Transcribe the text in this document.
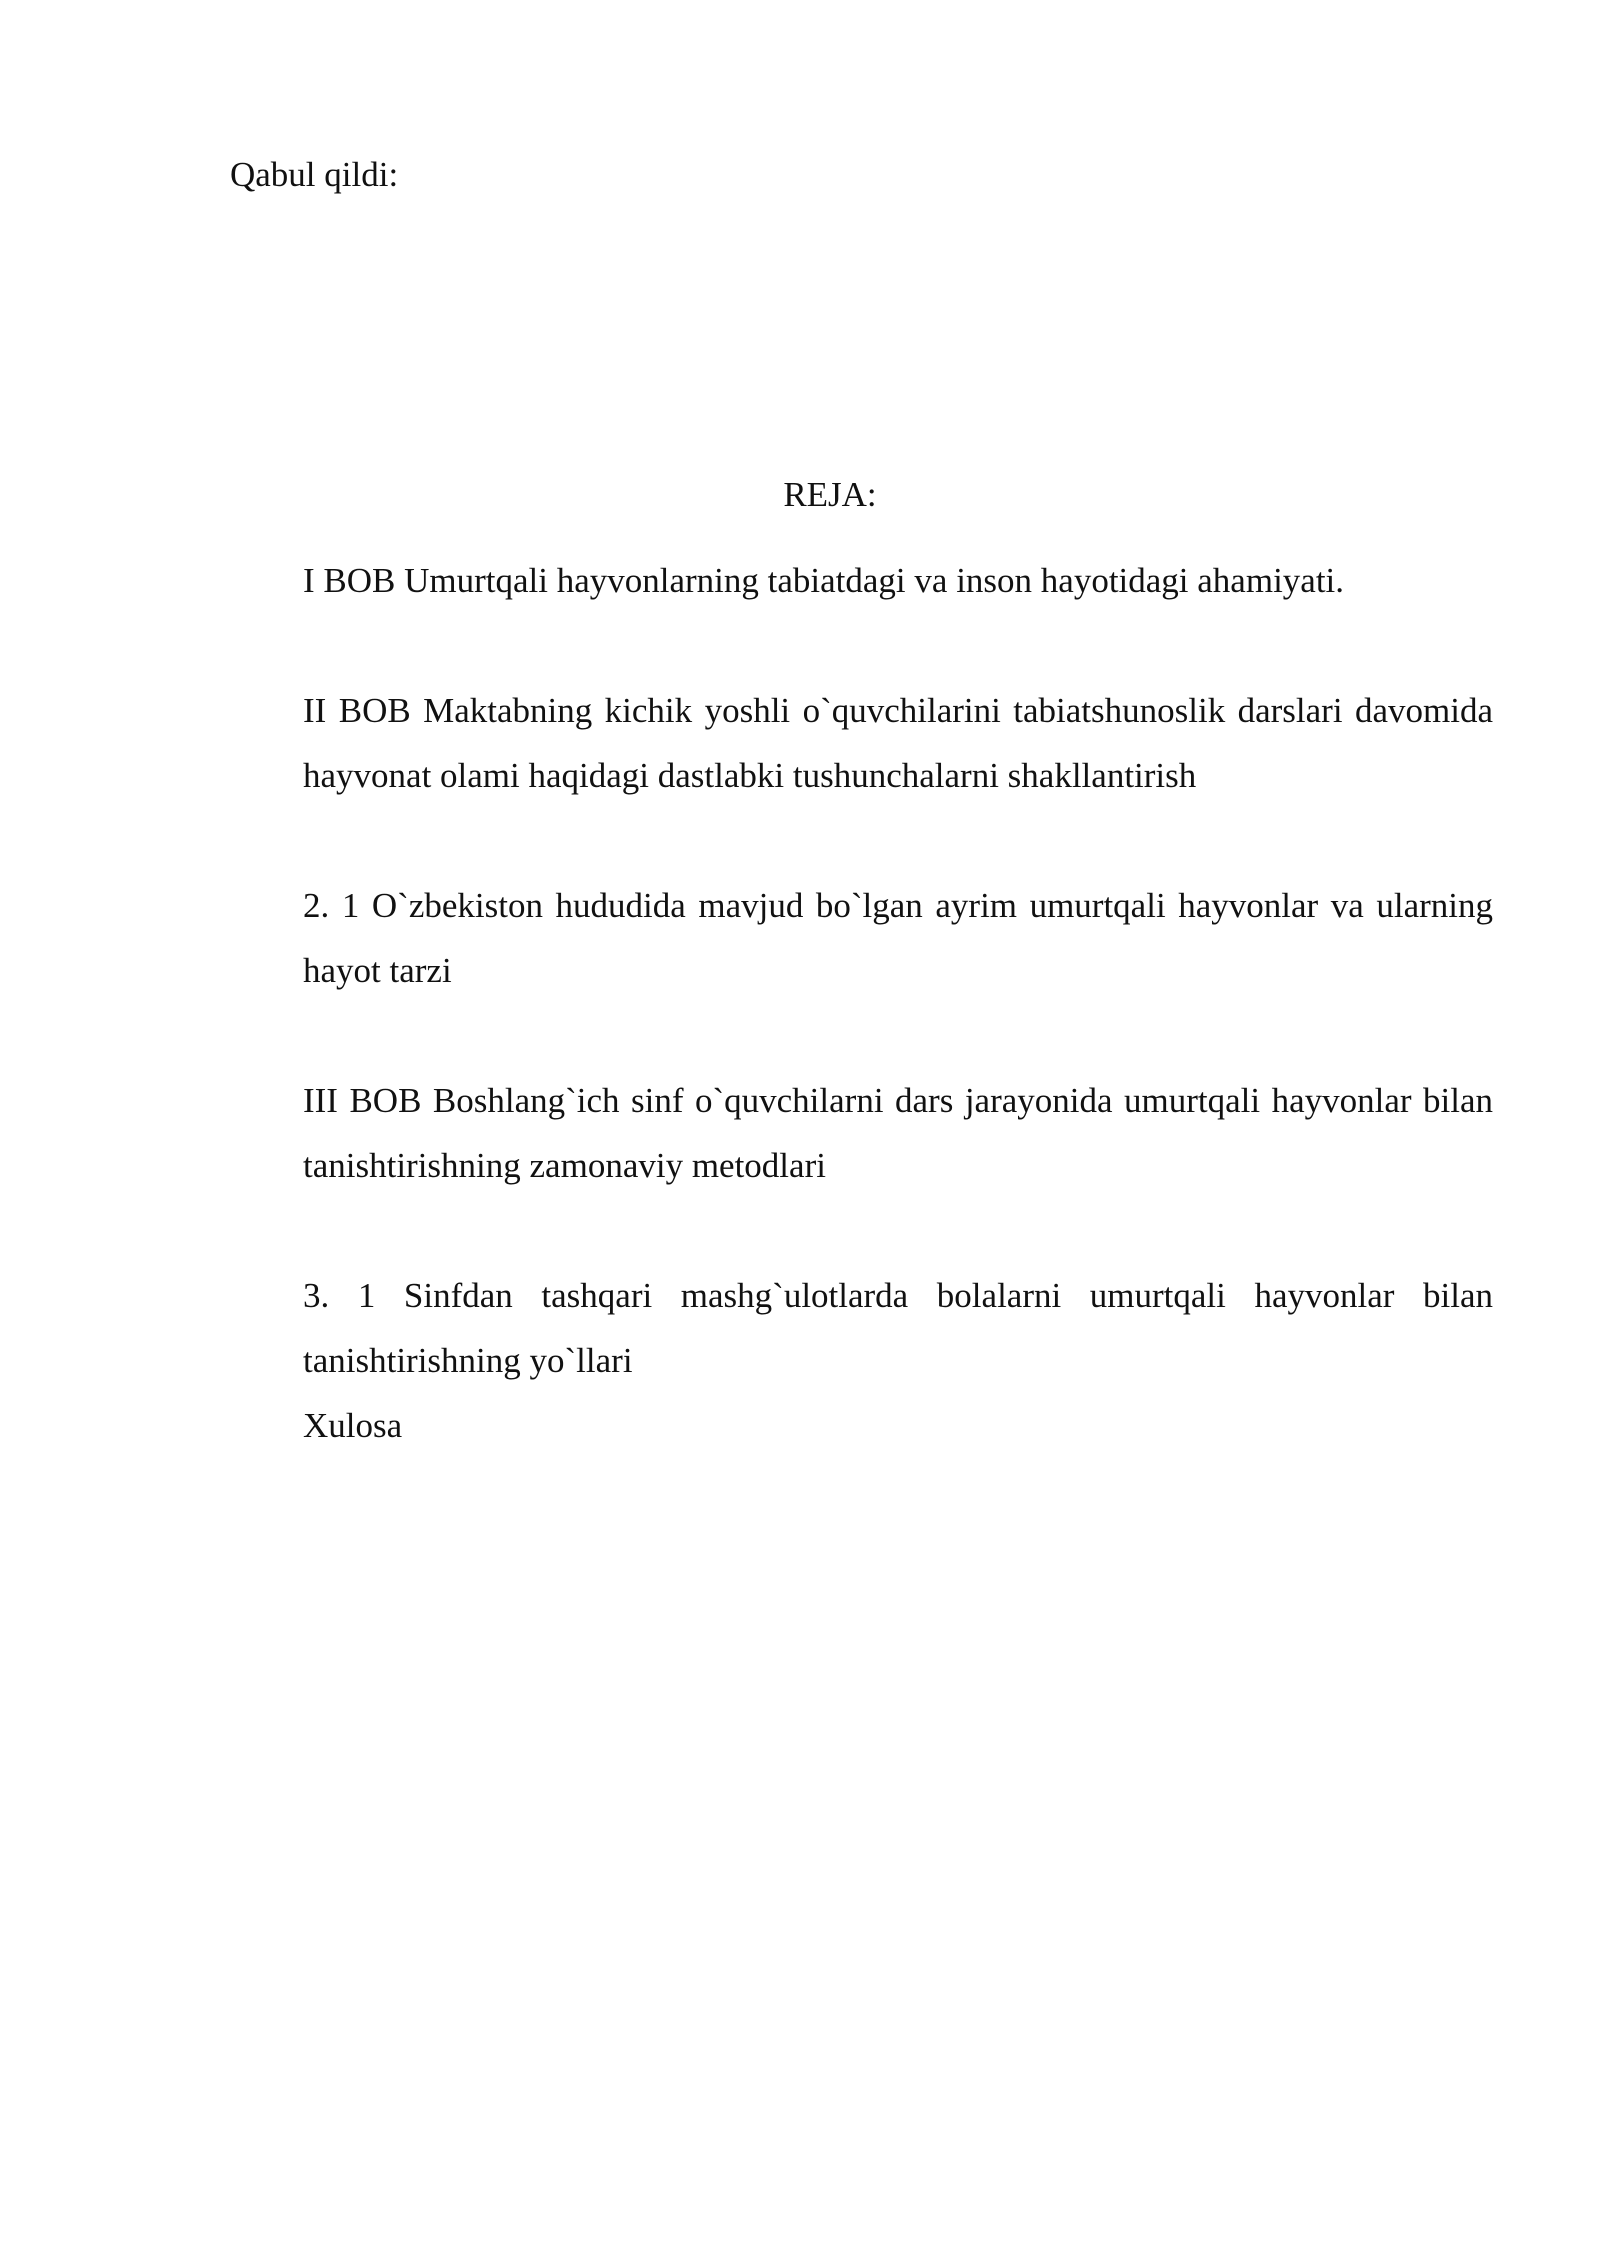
Qabul qildi:
REJA:

I BOB Umurtqali hayvonlarning tabiatdagi va inson hayotidagi ahamiyati.

II BOB Maktabning kichik yoshli o`quvchilarini tabiatshunoslik darslari davomida hayvonat olami haqidagi dastlabki tushunchalarni shakllantirish

2. 1 O`zbekiston hududida mavjud bo`lgan ayrim umurtqali hayvonlar va ularning hayot tarzi

III BOB Boshlang`ich sinf o`quvchilarni dars jarayonida umurtqali hayvonlar bilan tanishtirishning zamonaviy metodlari

3. 1 Sinfdan tashqari mashg`ulotlarda bolalarni umurtqali hayvonlar bilan tanishtirishning yo`llari

Xulosa
